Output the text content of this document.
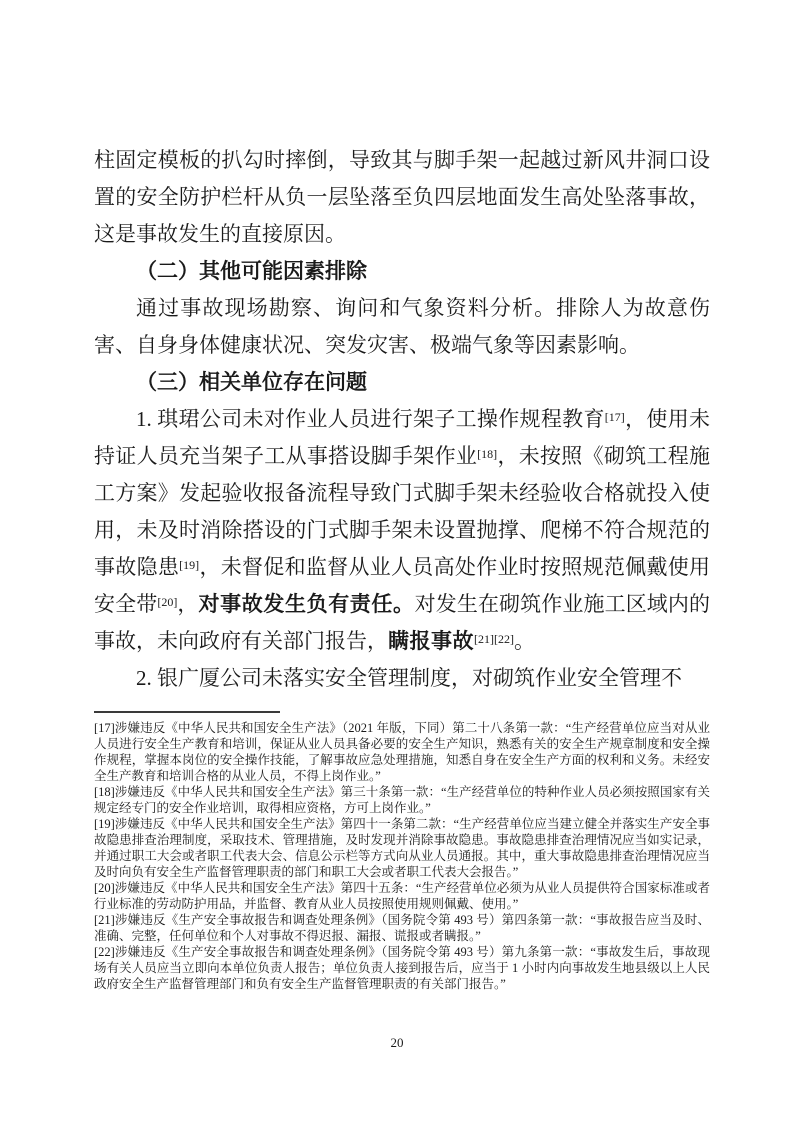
柱固定模板的扒勾时摔倒，导致其与脚手架一起越过新风井洞口设置的安全防护栏杆从负一层坠落至负四层地面发生高处坠落事故，这是事故发生的直接原因。

（二）其他可能因素排除

通过事故现场勘察、询问和气象资料分析。排除人为故意伤害、自身身体健康状况、突发灾害、极端气象等因素影响。

（三）相关单位存在问题

1. 琪珺公司未对作业人员进行架子工操作规程教育[17]，使用未持证人员充当架子工从事搭设脚手架作业[18]，未按照《砌筑工程施工方案》发起验收报备流程导致门式脚手架未经验收合格就投入使用，未及时消除搭设的门式脚手架未设置抛撑、爬梯不符合规范的事故隐患[19]，未督促和监督从业人员高处作业时按照规范佩戴使用安全带[20]，对事故发生负有责任。对发生在砌筑作业施工区域内的事故，未向政府有关部门报告，瞒报事故[21][22]。

2. 银广厦公司未落实安全管理制度，对砌筑作业安全管理不

[17]涉嫌违反《中华人民共和国安全生产法》（2021 年版，下同）第二十八条第一款：“生产经营单位应当对从业人员进行安全生产教育和培训，保证从业人员具备必要的安全生产知识，熟悉有关的安全生产规章制度和安全操作规程，掌握本岗位的安全操作技能，了解事故应急处理措施，知悉自身在安全生产方面的权利和义务。未经安全生产教育和培训合格的从业人员，不得上岗作业。”

[18]涉嫌违反《中华人民共和国安全生产法》第三十条第一款：“生产经营单位的特种作业人员必须按照国家有关规定经专门的安全作业培训，取得相应资格，方可上岗作业。”

[19]涉嫌违反《中华人民共和国安全生产法》第四十一条第二款：“生产经营单位应当建立健全并落实生产安全事故隐患排查治理制度，采取技术、管理措施，及时发现并消除事故隐患。事故隐患排查治理情况应当如实记录，并通过职工大会或者职工代表大会、信息公示栏等方式向从业人员通报。其中，重大事故隐患排查治理情况应当及时向负有安全生产监督管理职责的部门和职工大会或者职工代表大会报告。”

[20]涉嫌违反《中华人民共和国安全生产法》第四十五条：“生产经营单位必须为从业人员提供符合国家标准或者行业标准的劳动防护用品，并监督、教育从业人员按照使用规则佩戴、使用。”

[21]涉嫌违反《生产安全事故报告和调查处理条例》（国务院令第 493 号）第四条第一款：“事故报告应当及时、准确、完整，任何单位和个人对事故不得迟报、漏报、谎报或者瞒报。”

[22]涉嫌违反《生产安全事故报告和调查处理条例》（国务院令第 493 号）第九条第一款：“事故发生后，事故现场有关人员应当立即向本单位负责人报告；单位负责人接到报告后，应当于 1 小时内向事故发生地县级以上人民政府安全生产监督管理部门和负有安全生产监督管理职责的有关部门报告。”

20
